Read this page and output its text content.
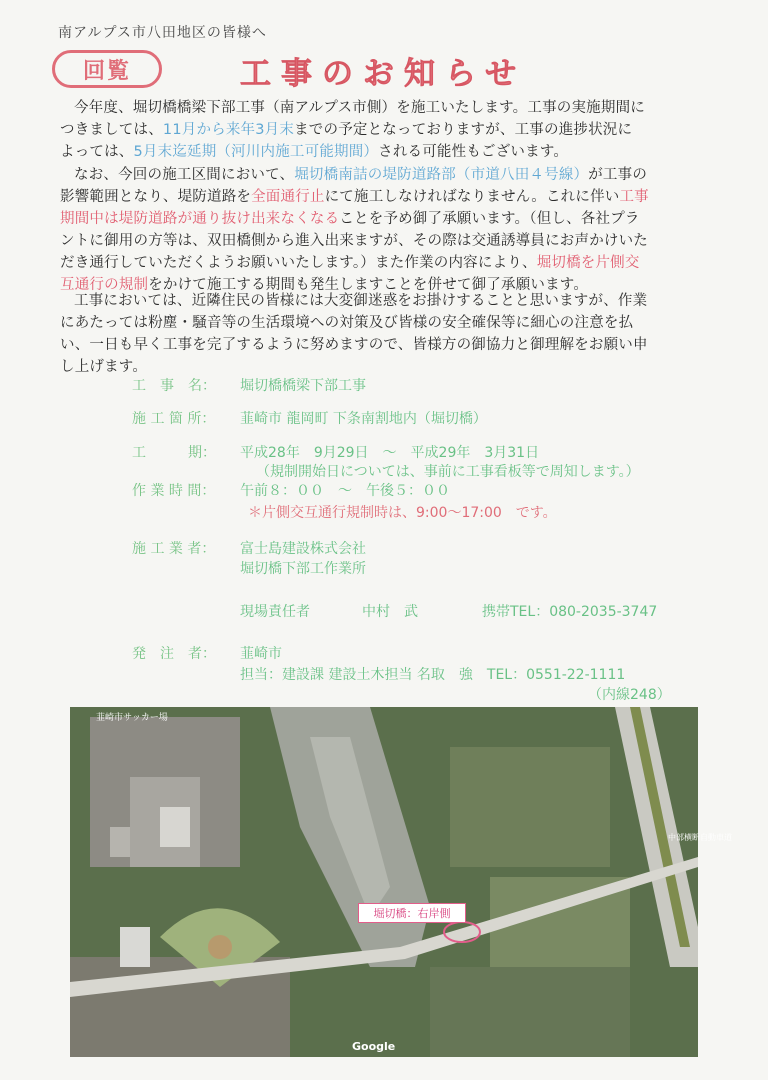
南アルプス市八田地区の皆様へ
回覧	工事のお知らせ
今年度、堀切橋橋梁下部工事（南アルプス市側）を施工いたします。工事の実施期間に
つきましては、11月から来年3月末までの予定となっておりますが、工事の進捗状況に
よっては、5月末迄延期（河川内施工可能期間）される可能性もございます。
なお、今回の施工区間において、堀切橋南詰の堤防道路部（市道八田４号線）が工事の
影響範囲となり、堤防道路を全面通行止にて施工しなければなりません。これに伴い工事
期間中は堤防道路が通り抜け出来なくなることを予め御了承願います。（但し、各社プラ
ントに御用の方等は、双田橋側から進入出来ますが、その際は交通誘導員にお声かけいた
だき通行していただくようお願いいたします。）また作業の内容により、堀切橋を片側交
互通行の規制をかけて施工する期間も発生しますことを併せて御了承願います。
工事においては、近隣住民の皆様には大変御迷惑をお掛けすることと思いますが、作業
にあたっては粉塵・騒音等の生活環境への対策及び皆様の安全確保等に細心の注意を払
い、一日も早く工事を完了するように努めますので、皆様方の御協力と御理解をお願い申
し上げます。
工　事　名： 堀切橋橋梁下部工事
施 工 箇 所： 韮崎市 龍岡町 下条南割地内（堀切橋）
工　　　期： 平成28年　9月29日　～　平成29年　3月31日
（規制開始日については、事前に工事看板等で周知します。）
作 業 時 間： 午前８：００　～　午後５：００
＊片側交互通行規制時は、9:00～17:00　です。
施 工 業 者： 富士島建設株式会社
堀切橋下部工作業所
現場責任者	中村　武	携帯TEL：080-2035-3747
発　注　者： 韮崎市
担当：建設課 建設土木担当 名取　強　TEL：0551-22-1111
（内線248）
韮崎市サッカー場
中部横断自動車道
堀切橋：右岸側
Google
